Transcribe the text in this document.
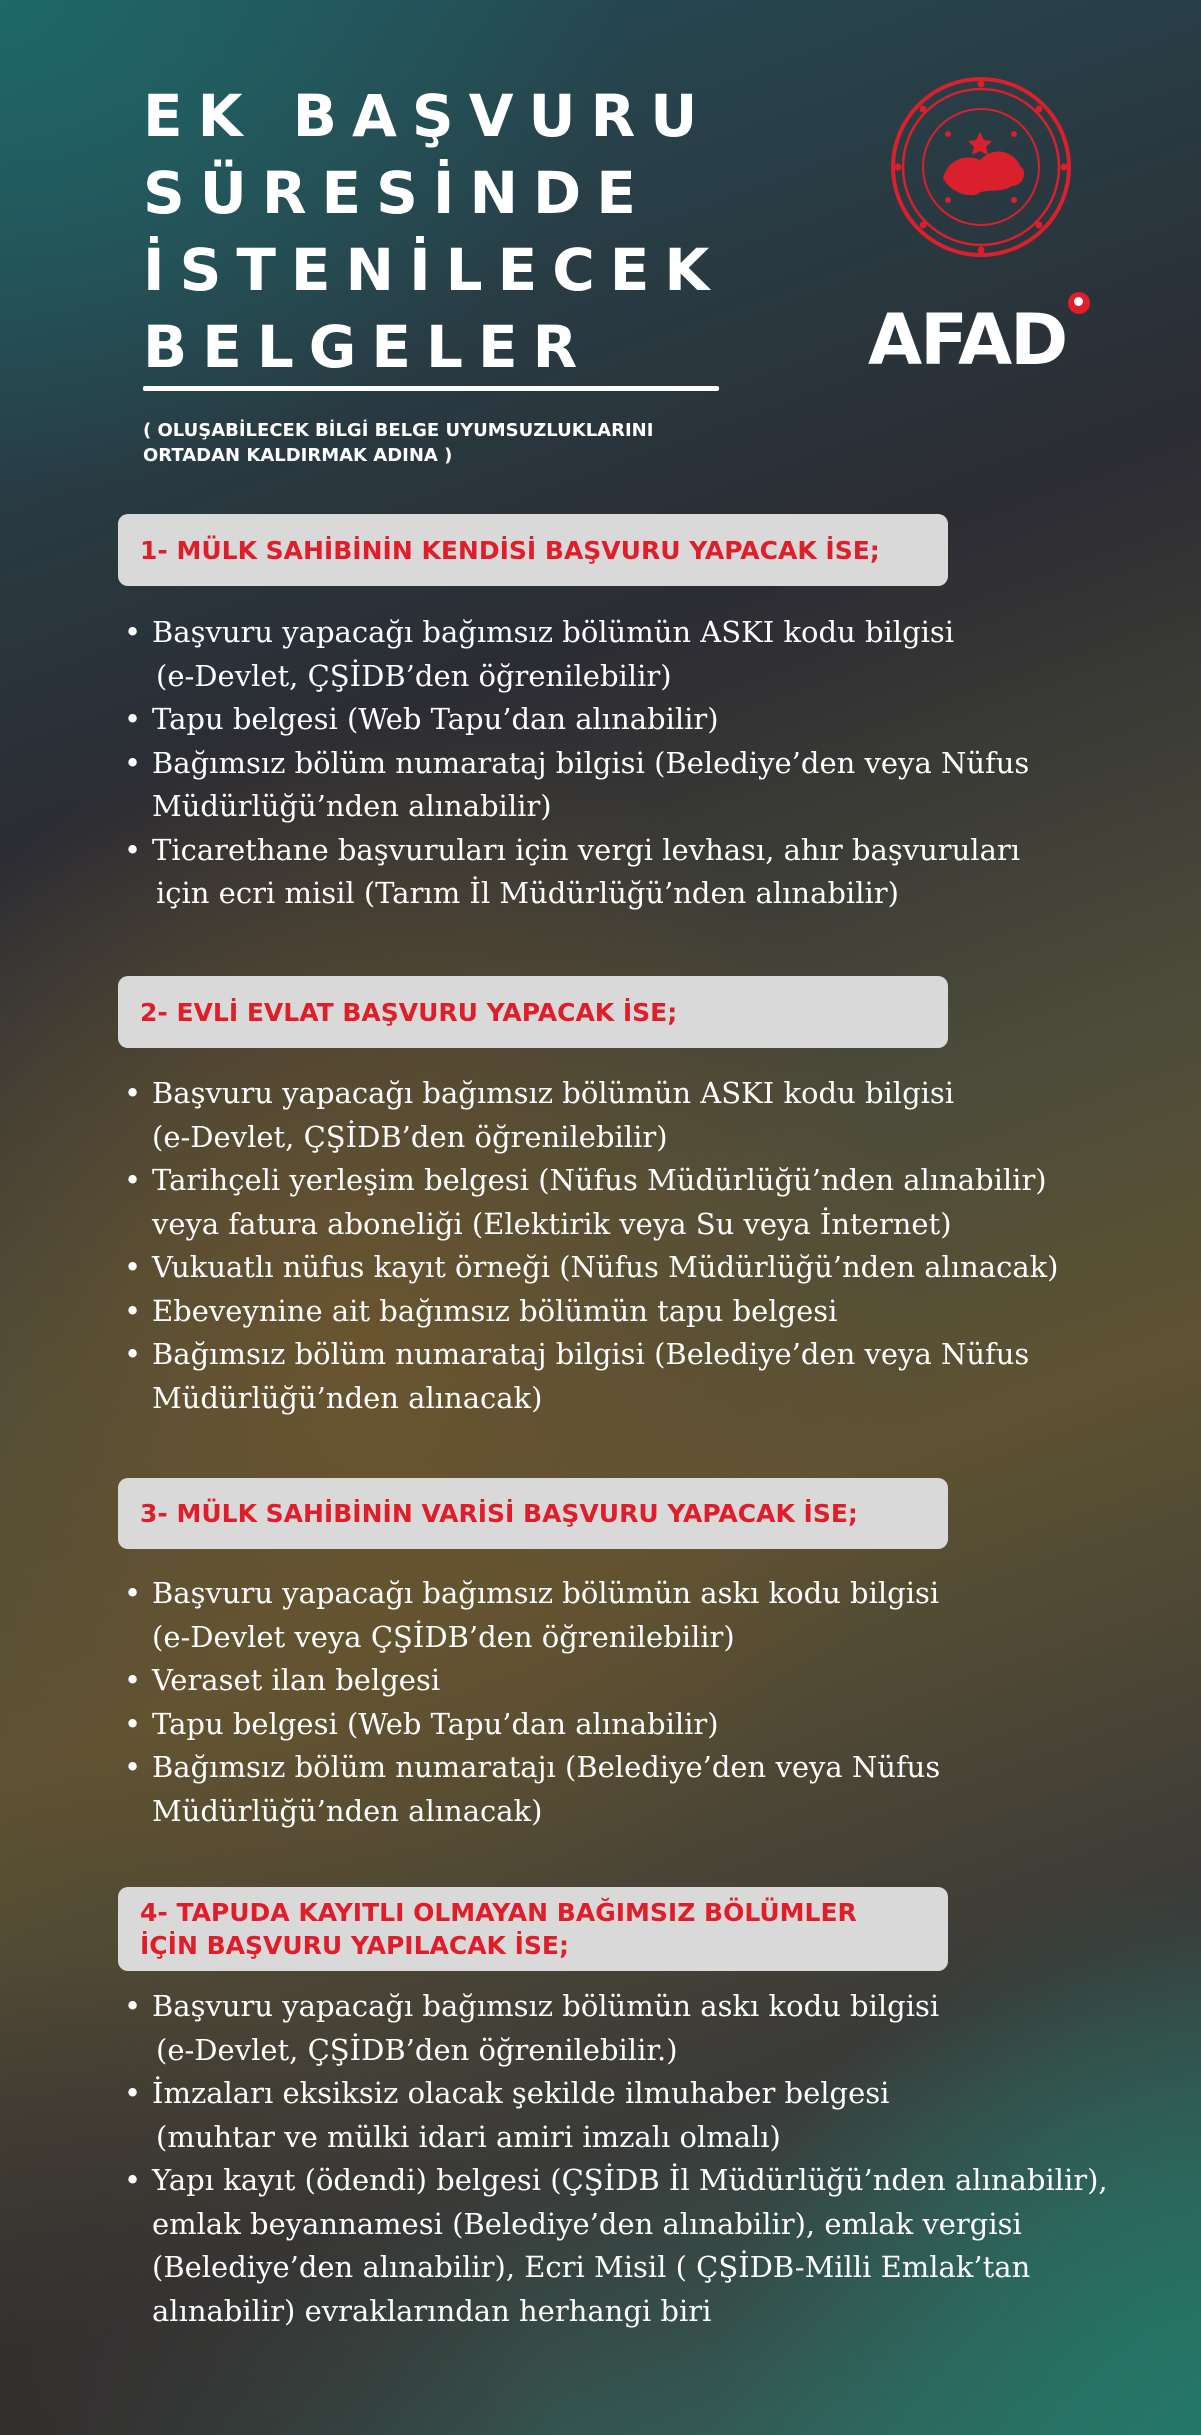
EK BAŞVURU
SÜRESİNDE
İSTENİLECEK
BELGELER

( OLUŞABİLECEK BİLGİ BELGE UYUMSUZLUKLARINI
ORTADAN KALDIRMAK ADINA )

AFAD
1- MÜLK SAHİBİNİN KENDİSİ BAŞVURU YAPACAK İSE;
• Başvuru yapacağı bağımsız bölümün ASKI kodu bilgisi
(e-Devlet, ÇŞİDB’den öğrenilebilir)
• Tapu belgesi (Web Tapu’dan alınabilir)
• Bağımsız bölüm numarataj bilgisi (Belediye’den veya Nüfus
Müdürlüğü’nden alınabilir)
• Ticarethane başvuruları için vergi levhası, ahır başvuruları
için ecri misil (Tarım İl Müdürlüğü’nden alınabilir)
2- EVLİ EVLAT BAŞVURU YAPACAK İSE;
• Başvuru yapacağı bağımsız bölümün ASKI kodu bilgisi
(e-Devlet, ÇŞİDB’den öğrenilebilir)
• Tarihçeli yerleşim belgesi (Nüfus Müdürlüğü’nden alınabilir)
veya fatura aboneliği (Elektirik veya Su veya İnternet)
• Vukuatlı nüfus kayıt örneği (Nüfus Müdürlüğü’nden alınacak)
• Ebeveynine ait bağımsız bölümün tapu belgesi
• Bağımsız bölüm numarataj bilgisi (Belediye’den veya Nüfus
Müdürlüğü’nden alınacak)
3- MÜLK SAHİBİNİN VARİSİ BAŞVURU YAPACAK İSE;
• Başvuru yapacağı bağımsız bölümün askı kodu bilgisi
(e-Devlet veya ÇŞİDB’den öğrenilebilir)
• Veraset ilan belgesi
• Tapu belgesi (Web Tapu’dan alınabilir)
• Bağımsız bölüm numaratajı (Belediye’den veya Nüfus
Müdürlüğü’nden alınacak)
4- TAPUDA KAYITLI OLMAYAN BAĞIMSIZ BÖLÜMLER
İÇİN BAŞVURU YAPILACAK İSE;
• Başvuru yapacağı bağımsız bölümün askı kodu bilgisi
(e-Devlet, ÇŞİDB’den öğrenilebilir.)
• İmzaları eksiksiz olacak şekilde ilmuhaber belgesi
(muhtar ve mülki idari amiri imzalı olmalı)
• Yapı kayıt (ödendi) belgesi (ÇŞİDB İl Müdürlüğü’nden alınabilir),
emlak beyannamesi (Belediye’den alınabilir), emlak vergisi
(Belediye’den alınabilir), Ecri Misil ( ÇŞİDB-Milli Emlak’tan
alınabilir) evraklarından herhangi biri
